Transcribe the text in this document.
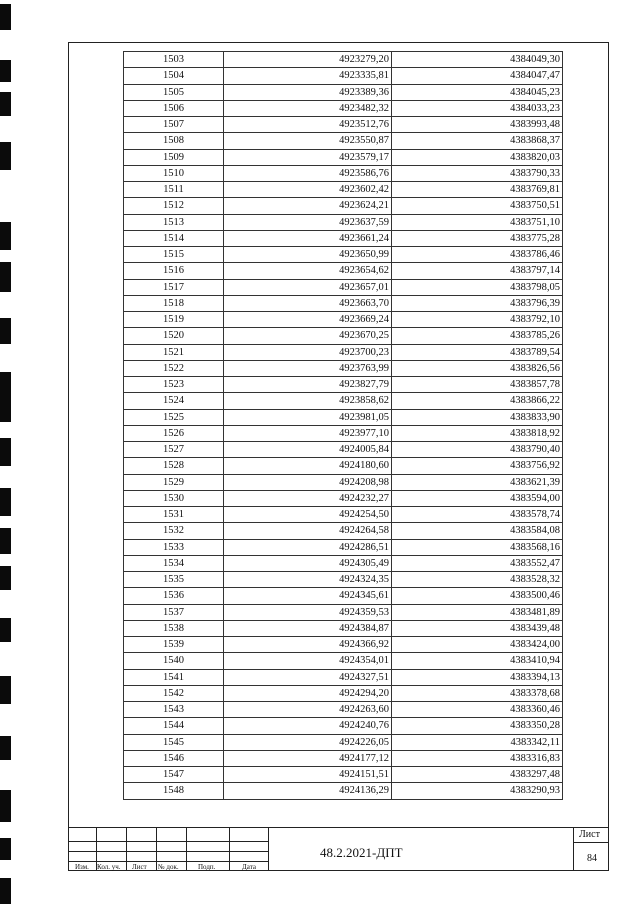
1503	4923279,20	4384049,30
1504	4923335,81	4384047,47
1505	4923389,36	4384045,23
1506	4923482,32	4384033,23
1507	4923512,76	4383993,48
1508	4923550,87	4383868,37
1509	4923579,17	4383820,03
1510	4923586,76	4383790,33
1511	4923602,42	4383769,81
1512	4923624,21	4383750,51
1513	4923637,59	4383751,10
1514	4923661,24	4383775,28
1515	4923650,99	4383786,46
1516	4923654,62	4383797,14
1517	4923657,01	4383798,05
1518	4923663,70	4383796,39
1519	4923669,24	4383792,10
1520	4923670,25	4383785,26
1521	4923700,23	4383789,54
1522	4923763,99	4383826,56
1523	4923827,79	4383857,78
1524	4923858,62	4383866,22
1525	4923981,05	4383833,90
1526	4923977,10	4383818,92
1527	4924005,84	4383790,40
1528	4924180,60	4383756,92
1529	4924208,98	4383621,39
1530	4924232,27	4383594,00
1531	4924254,50	4383578,74
1532	4924264,58	4383584,08
1533	4924286,51	4383568,16
1534	4924305,49	4383552,47
1535	4924324,35	4383528,32
1536	4924345,61	4383500,46
1537	4924359,53	4383481,89
1538	4924384,87	4383439,48
1539	4924366,92	4383424,00
1540	4924354,01	4383410,94
1541	4924327,51	4383394,13
1542	4924294,20	4383378,68
1543	4924263,60	4383360,46
1544	4924240,76	4383350,28
1545	4924226,05	4383342,11
1546	4924177,12	4383316,83
1547	4924151,51	4383297,48
1548	4924136,29	4383290,93
Изм. Кол. уч. Лист № док.	Подп.	Дата
48.2.2021-ДПТ
Лист
84
